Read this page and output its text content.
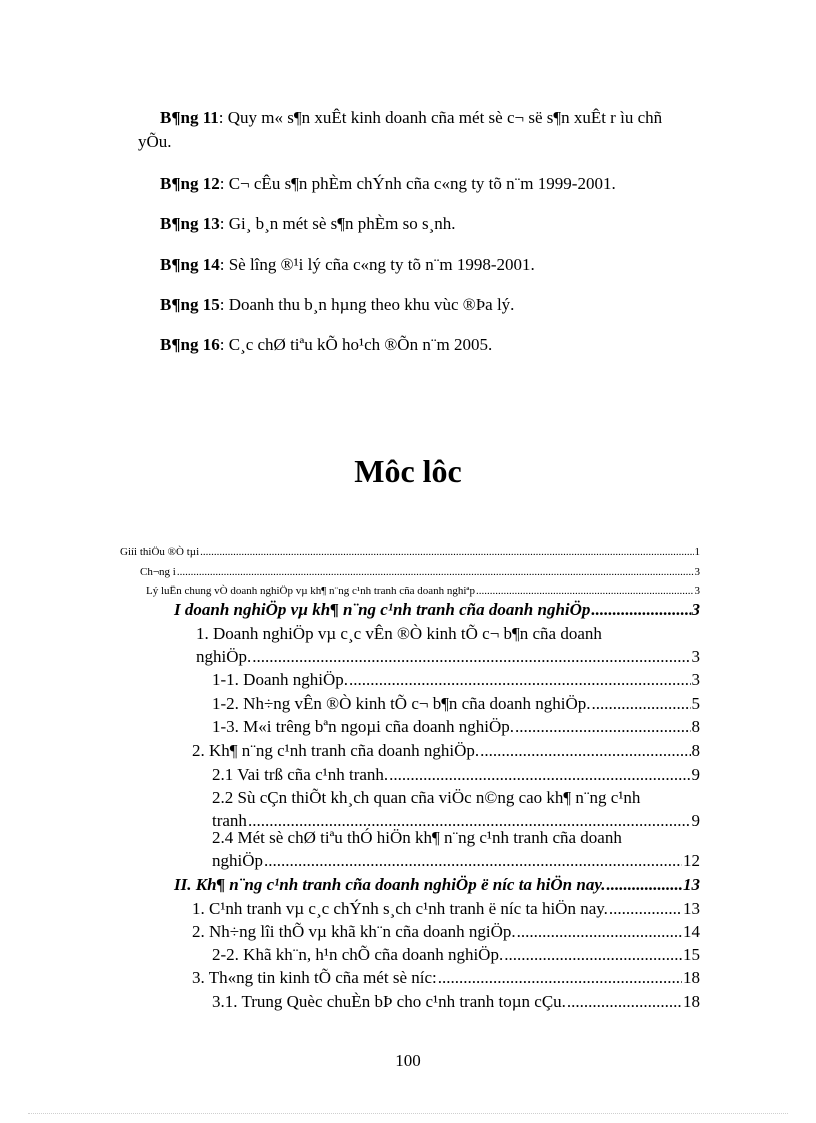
B¶ng 11: Quy m« s¶n xuÊt kinh doanh cña mét sè c¬ së s¶n xuÊt r ìu chñ
yÕu.
B¶ng 12: C¬ cÊu s¶n phÈm chÝnh cña c«ng ty tõ n¨m 1999-2001.
B¶ng 13: Gi¸ b¸n mét sè s¶n phÈm so s¸nh.
B¶ng 14: Sè lîng ®¹i lý cña c«ng ty tõ n¨m 1998-2001.
B¶ng 15: Doanh thu b¸n hµng theo khu vùc ®Þa lý.
B¶ng 16: C¸c chØ tiªu kÕ ho¹ch ®Õn n¨m 2005.
Môc lôc
Giíi thiÖu ®Ò tµi .....	1
Ch¬ng i .....	3
Lý luËn chung vÒ doanh nghiÖp vµ kh¶ n¨ng c¹nh tranh cña doanh nghiªp .....	3
I doanh nghiÖp vµ kh¶ n¨ng c¹nh tranh cña doanh nghiÖp .....	3
1. Doanh nghiÖp vµ c¸c vÊn ®Ò kinh tÕ c¬ b¶n cña doanh
nghiÖp. .....	3
1-1. Doanh nghiÖp. .....	3
1-2. Nh÷ng vÊn ®Ò kinh tÕ c¬ b¶n cña doanh nghiÖp. .....	5
1-3. M«i trêng bªn ngoµi cña doanh nghiÖp. .....	8
2. Kh¶ n¨ng c¹nh tranh cña doanh nghiÖp. .....	8
2.1 Vai trß cña c¹nh tranh. .....	9
2.2 Sù cÇn thiÕt kh¸ch quan cña viÖc n©ng cao kh¶ n¨ng c¹nh
tranh .....	9
2.4 Mét sè chØ tiªu thÓ hiÖn kh¶ n¨ng c¹nh tranh cña doanh
nghiÖp .....	12
II. Kh¶ n¨ng c¹nh tranh cña doanh nghiÖp ë níc ta hiÖn nay. .....	13
1. C¹nh tranh vµ c¸c chÝnh s¸ch c¹nh tranh ë níc ta hiÖn nay. .....	13
2. Nh÷ng lîi thÕ vµ khã kh¨n cña doanh ngiÖp. .....	14
2-2. Khã kh¨n, h¹n chÕ cña doanh nghiÖp. .....	15
3. Th«ng tin kinh tÕ cña mét sè níc: .....	18
3.1. Trung Quèc chuÈn bÞ cho c¹nh tranh toµn cÇu. .....	18
100
